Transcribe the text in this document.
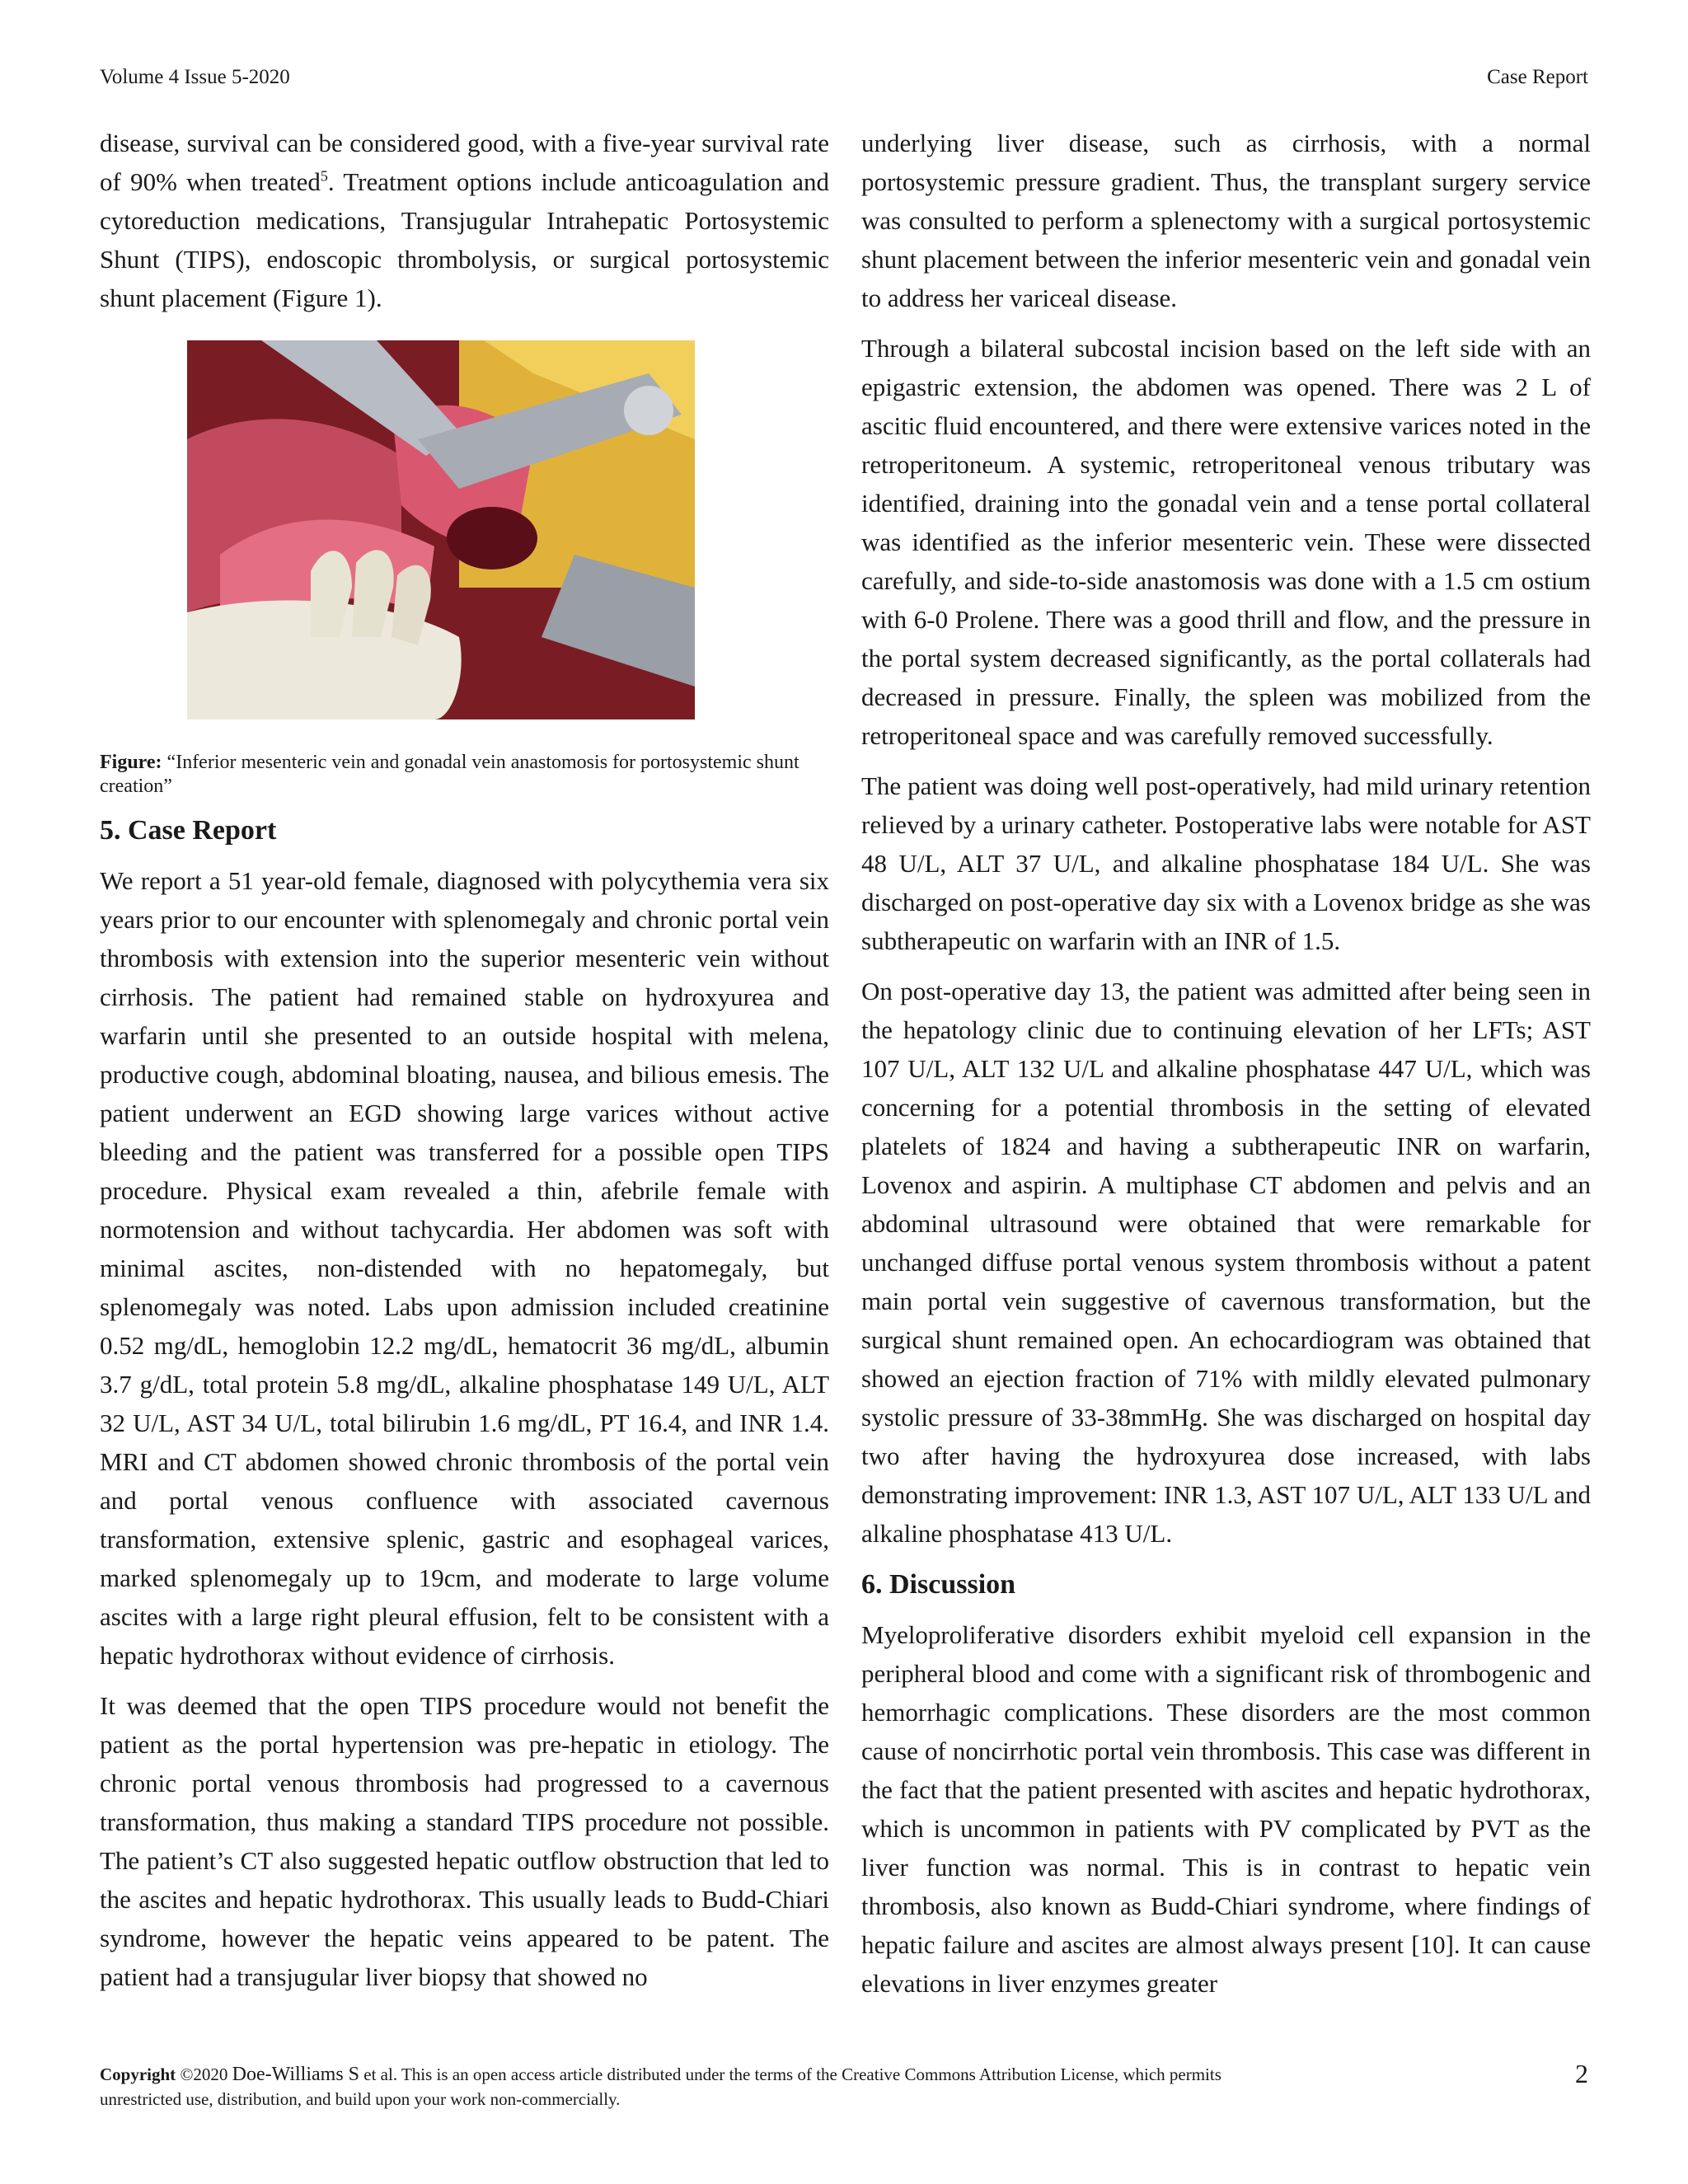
Volume 4 Issue 5-2020	Case Report

disease, survival can be considered good, with a five-year survival rate of 90% when treated$^5$. Treatment options include anticoagulation and cytoreduction medications, Transjugular Intrahepatic Portosystemic Shunt (TIPS), endoscopic thrombolysis, or surgical portosystemic shunt placement (Figure 1).

Figure: “Inferior mesenteric vein and gonadal vein anastomosis for portosystemic shunt creation”
5. Case Report

We report a 51 year-old female, diagnosed with polycythemia vera six years prior to our encounter with splenomegaly and chronic portal vein thrombosis with extension into the superior mesenteric vein without cirrhosis. The patient had remained stable on hydroxyurea and warfarin until she presented to an outside hospital with melena, productive cough, abdominal bloating, nausea, and bilious emesis. The patient underwent an EGD showing large varices without active bleeding and the patient was transferred for a possible open TIPS procedure. Physical exam revealed a thin, afebrile female with normotension and without tachycardia. Her abdomen was soft with minimal ascites, non-distended with no hepatomegaly, but splenomegaly was noted. Labs upon admission included creatinine 0.52 mg/dL, hemoglobin 12.2 mg/dL, hematocrit 36 mg/dL, albumin 3.7 g/dL, total protein 5.8 mg/dL, alkaline phosphatase 149 U/L, ALT 32 U/L, AST 34 U/L, total bilirubin 1.6 mg/dL, PT 16.4, and INR 1.4. MRI and CT abdomen showed chronic thrombosis of the portal vein and portal venous confluence with associated cavernous transformation, extensive splenic, gastric and esophageal varices, marked splenomegaly up to 19cm, and moderate to large volume ascites with a large right pleural effusion, felt to be consistent with a hepatic hydrothorax without evidence of cirrhosis.

It was deemed that the open TIPS procedure would not benefit the patient as the portal hypertension was pre-hepatic in etiology. The chronic portal venous thrombosis had progressed to a cavernous transformation, thus making a standard TIPS procedure not possible. The patient’s CT also suggested hepatic outflow obstruction that led to the ascites and hepatic hydrothorax. This usually leads to Budd-Chiari syndrome, however the hepatic veins appeared to be patent. The patient had a transjugular liver biopsy that showed no

underlying liver disease, such as cirrhosis, with a normal portosystemic pressure gradient. Thus, the transplant surgery service was consulted to perform a splenectomy with a surgical portosystemic shunt placement between the inferior mesenteric vein and gonadal vein to address her variceal disease.

Through a bilateral subcostal incision based on the left side with an epigastric extension, the abdomen was opened. There was 2 L of ascitic fluid encountered, and there were extensive varices noted in the retroperitoneum. A systemic, retroperitoneal venous tributary was identified, draining into the gonadal vein and a tense portal collateral was identified as the inferior mesenteric vein. These were dissected carefully, and side-to-side anastomosis was done with a 1.5 cm ostium with 6-0 Prolene. There was a good thrill and flow, and the pressure in the portal system decreased significantly, as the portal collaterals had decreased in pressure. Finally, the spleen was mobilized from the retroperitoneal space and was carefully removed successfully.

The patient was doing well post-operatively, had mild urinary retention relieved by a urinary catheter. Postoperative labs were notable for AST 48 U/L, ALT 37 U/L, and alkaline phosphatase 184 U/L. She was discharged on post-operative day six with a Lovenox bridge as she was subtherapeutic on warfarin with an INR of 1.5.

On post-operative day 13, the patient was admitted after being seen in the hepatology clinic due to continuing elevation of her LFTs; AST 107 U/L, ALT 132 U/L and alkaline phosphatase 447 U/L, which was concerning for a potential thrombosis in the setting of elevated platelets of 1824 and having a subtherapeutic INR on warfarin, Lovenox and aspirin. A multiphase CT abdomen and pelvis and an abdominal ultrasound were obtained that were remarkable for unchanged diffuse portal venous system thrombosis without a patent main portal vein suggestive of cavernous transformation, but the surgical shunt remained open. An echocardiogram was obtained that showed an ejection fraction of 71% with mildly elevated pulmonary systolic pressure of 33-38mmHg. She was discharged on hospital day two after having the hydroxyurea dose increased, with labs demonstrating improvement: INR 1.3, AST 107 U/L, ALT 133 U/L and alkaline phosphatase 413 U/L.

6. Discussion

Myeloproliferative disorders exhibit myeloid cell expansion in the peripheral blood and come with a significant risk of thrombogenic and hemorrhagic complications. These disorders are the most common cause of noncirrhotic portal vein thrombosis. This case was different in the fact that the patient presented with ascites and hepatic hydrothorax, which is uncommon in patients with PV complicated by PVT as the liver function was normal. This is in contrast to hepatic vein thrombosis, also known as Budd-Chiari syndrome, where findings of hepatic failure and ascites are almost always present [10]. It can cause elevations in liver enzymes greater

Copyright ©2020 Doe-Williams S et al. This is an open access article distributed under the terms of the Creative Commons Attribution License, which permits unrestricted use, distribution, and build upon your work non-commercially.
2
